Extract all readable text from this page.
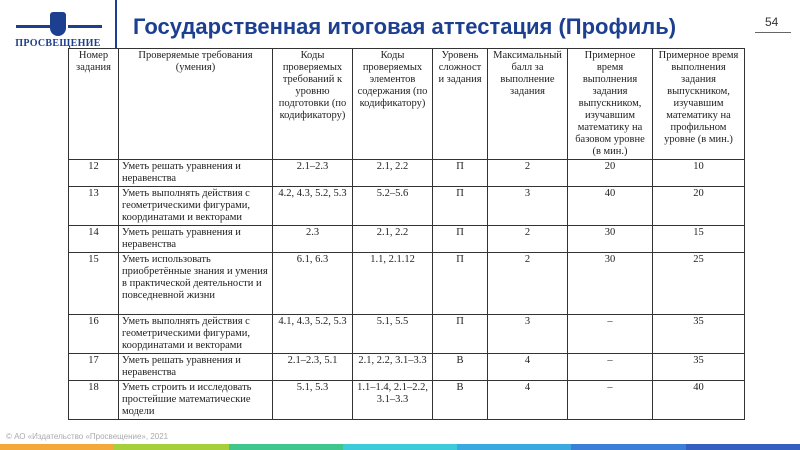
ПРОСВЕЩЕНИЕ
Государственная итоговая аттестация (Профиль)	54
Номер задания	Проверяемые требования (умения)	Коды проверяемых требований к уровню подготовки (по кодификатору)	Коды проверяемых элементов содержания (по кодификатору)	Уровень сложности задания	Максимальный балл за выполнение задания	Примерное время выполнения задания выпускником, изучавшим математику на базовом уровне (в мин.)	Примерное время выполнения задания выпускником, изучавшим математику на профильном уровне (в мин.)
12	Уметь решать уравнения и неравенства	2.1–2.3	2.1, 2.2	П	2	20	10
13	Уметь выполнять действия с геометрическими фигурами, координатами и векторами	4.2, 4.3, 5.2, 5.3	5.2–5.6	П	3	40	20
14	Уметь решать уравнения и неравенства	2.3	2.1, 2.2	П	2	30	15
15	Уметь использовать приобретённые знания и умения в практической деятельности и повседневной жизни	6.1, 6.3	1.1, 2.1.12	П	2	30	25
16	Уметь выполнять действия с геометрическими фигурами, координатами и векторами	4.1, 4.3, 5.2, 5.3	5.1, 5.5	П	3	–	35
17	Уметь решать уравнения и неравенства	2.1–2.3, 5.1	2.1, 2.2, 3.1–3.3	В	4	–	35
18	Уметь строить и исследовать простейшие математические модели	5.1, 5.3	1.1–1.4, 2.1–2.2, 3.1–3.3	В	4	–	40
© АО «Издательство «Просвещение», 2021
